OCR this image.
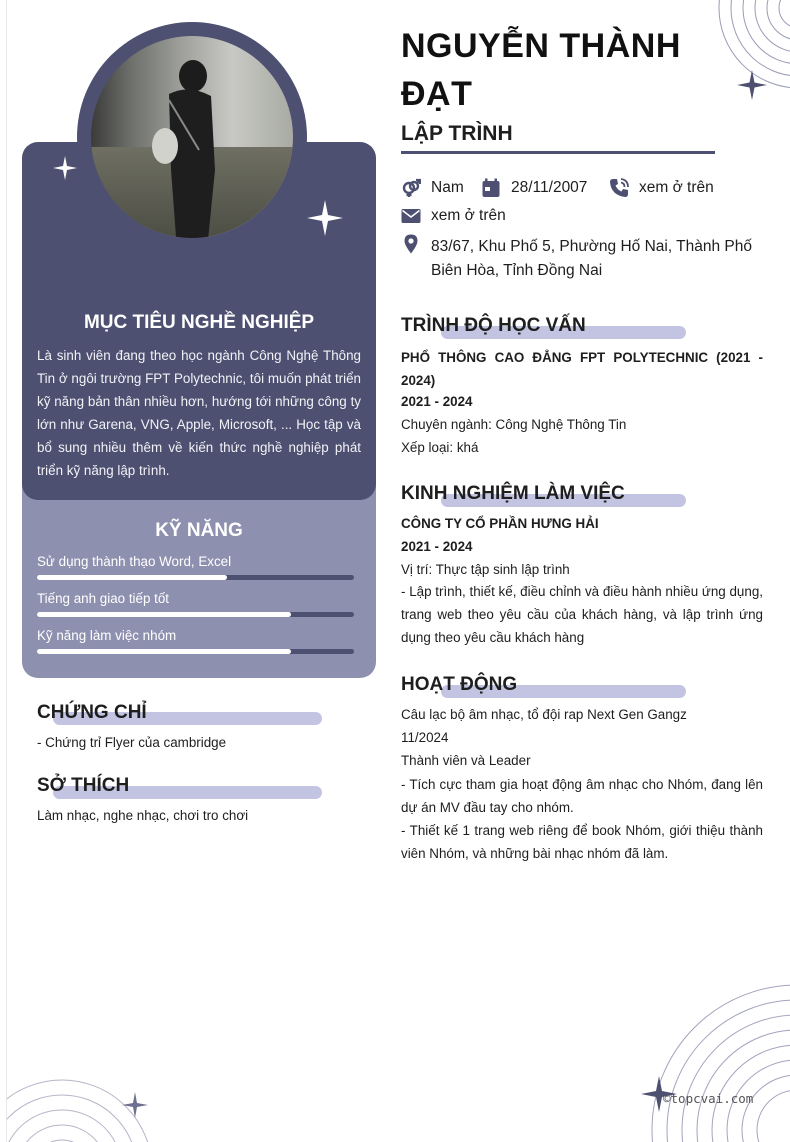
MỤC TIÊU NGHỀ NGHIỆP
Là sinh viên đang theo học ngành Công Nghệ Thông Tin ở ngôi trường FPT Polytechnic, tôi muốn phát triển kỹ năng bản thân nhiều hơn, hướng tới những công ty lớn như Garena, VNG, Apple, Microsoft, ... Học tập và bổ sung nhiều thêm về kiến thức nghề nghiệp phát triển kỹ năng lập trình.
KỸ NĂNG
Sử dụng thành thạo Word, Excel
Tiếng anh giao tiếp tốt
Kỹ năng làm việc nhóm
CHỨNG CHỈ
- Chứng trỉ Flyer của cambridge
SỞ THÍCH
Làm nhạc, nghe nhạc, chơi tro chơi
NGUYỄN THÀNH ĐẠT
LẬP TRÌNH
Nam	28/11/2007	xem ở trên
xem ở trên
83/67, Khu Phố 5, Phường Hố Nai, Thành Phố Biên Hòa, Tỉnh Đồng Nai
TRÌNH ĐỘ HỌC VẤN
PHỔ THÔNG CAO ĐẲNG FPT POLYTECHNIC (2021 - 2024)
2021 - 2024
Chuyên ngành: Công Nghệ Thông Tin
Xếp loại: khá
KINH NGHIỆM LÀM VIỆC
CÔNG TY CỔ PHẦN HƯNG HẢI
2021 - 2024
Vị trí: Thực tập sinh lập trình
- Lập trình, thiết kế, điều chỉnh và điều hành nhiều ứng dụng, trang web theo yêu cầu của khách hàng, và lập trình ứng dụng theo yêu cầu khách hàng
HOẠT ĐỘNG
Câu lạc bộ âm nhạc, tổ đội rap Next Gen Gangz
11/2024
Thành viên và Leader
- Tích cực tham gia hoạt động âm nhạc cho Nhóm, đang lên dự án MV đầu tay cho nhóm.
- Thiết kế 1 trang web riêng để book Nhóm, giới thiệu thành viên Nhóm, và những bài nhạc nhóm đã làm.
©topcvai.com
